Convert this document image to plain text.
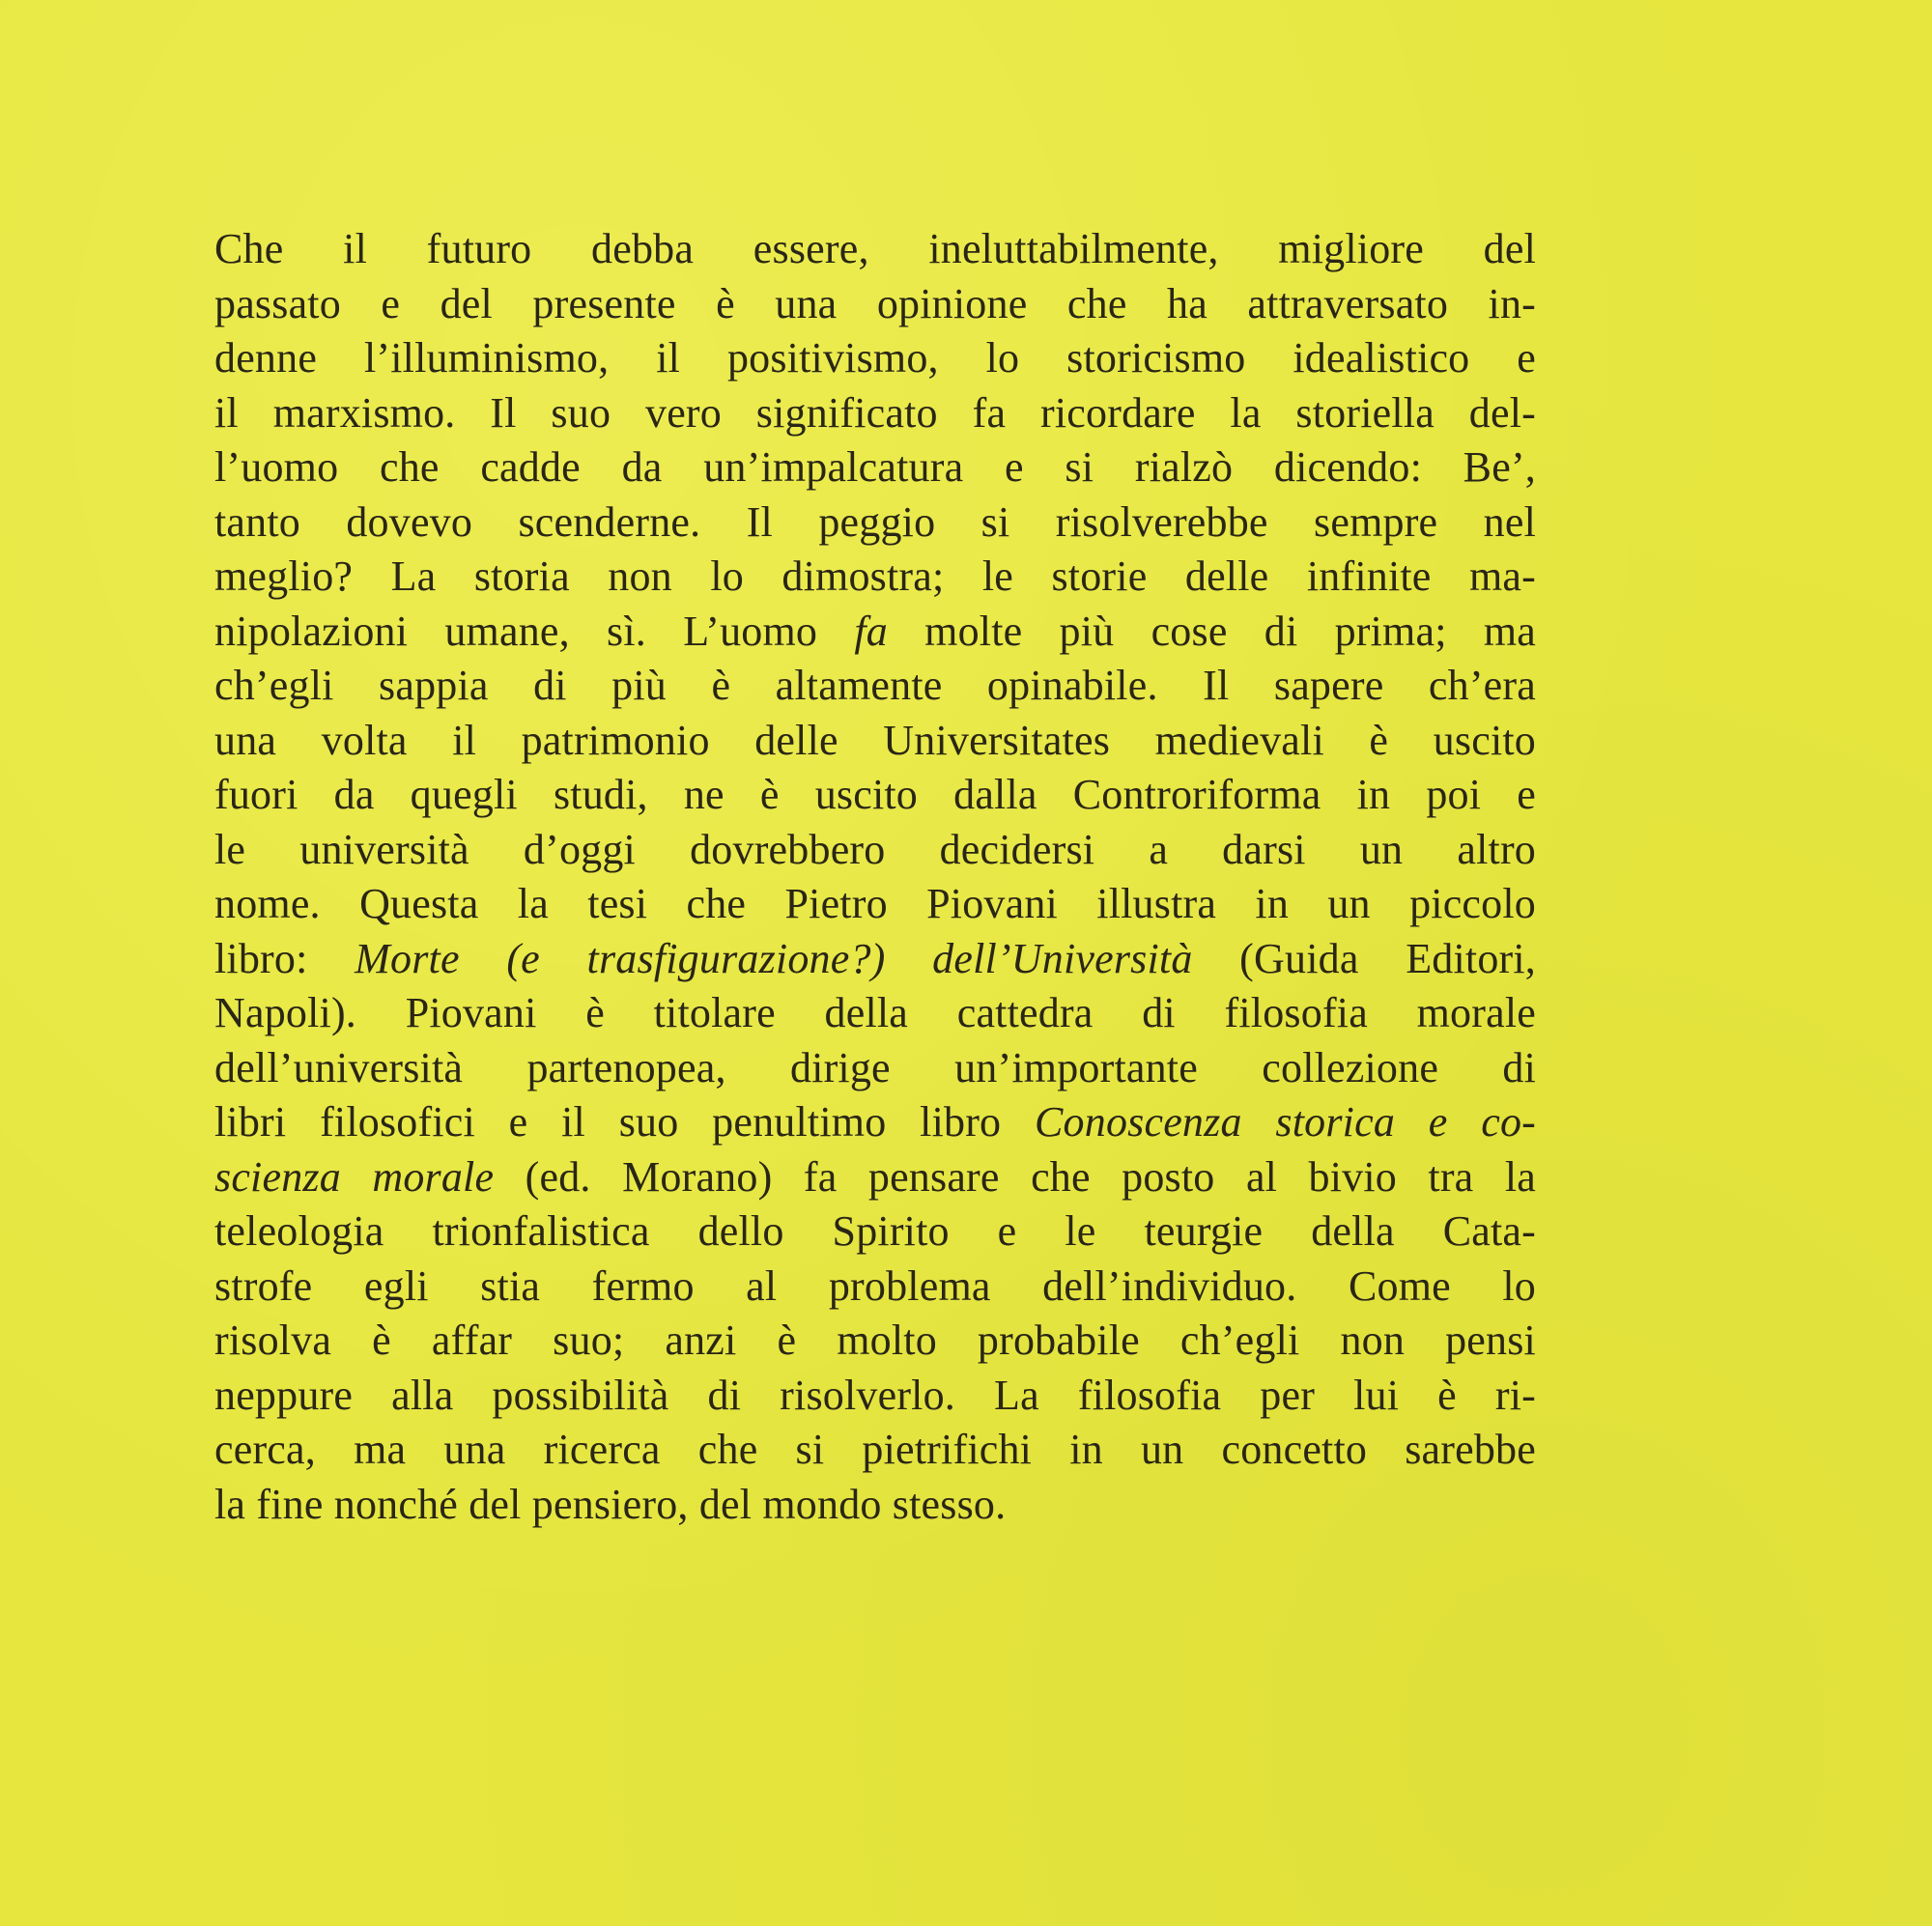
Che il futuro debba essere, ineluttabilmente, migliore del
passato e del presente è una opinione che ha attraversato in-
denne l’illuminismo, il positivismo, lo storicismo idealistico e
il marxismo. Il suo vero significato fa ricordare la storiella del-
l’uomo che cadde da un’impalcatura e si rialzò dicendo: Be’,
tanto dovevo scenderne. Il peggio si risolverebbe sempre nel
meglio? La storia non lo dimostra; le storie delle infinite ma-
nipolazioni umane, sì. L’uomo fa molte più cose di prima; ma
ch’egli sappia di più è altamente opinabile. Il sapere ch’era
una volta il patrimonio delle Universitates medievali è uscito
fuori da quegli studi, ne è uscito dalla Controriforma in poi e
le università d’oggi dovrebbero decidersi a darsi un altro
nome. Questa la tesi che Pietro Piovani illustra in un piccolo
libro: Morte (e trasfigurazione?) dell’Università (Guida Editori,
Napoli). Piovani è titolare della cattedra di filosofia morale
dell’università partenopea, dirige un’importante collezione di
libri filosofici e il suo penultimo libro Conoscenza storica e co-
scienza morale (ed. Morano) fa pensare che posto al bivio tra la
teleologia trionfalistica dello Spirito e le teurgie della Cata-
strofe egli stia fermo al problema dell’individuo. Come lo
risolva è affar suo; anzi è molto probabile ch’egli non pensi
neppure alla possibilità di risolverlo. La filosofia per lui è ri-
cerca, ma una ricerca che si pietrifichi in un concetto sarebbe
la fine nonché del pensiero, del mondo stesso.
